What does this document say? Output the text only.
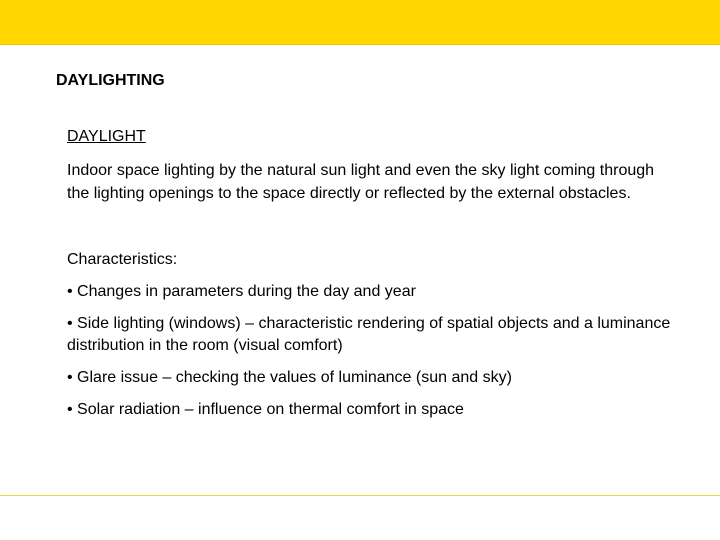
DAYLIGHTING

DAYLIGHT

Indoor space lighting by the natural sun light and even the sky light coming through the lighting openings to the space directly or reflected by the external obstacles.

Characteristics:

• Changes in parameters during the day and year
• Side lighting (windows) – characteristic rendering of spatial objects and a luminance distribution in the room (visual comfort)
• Glare issue – checking the values of luminance (sun and sky)
• Solar radiation – influence on thermal comfort in space
